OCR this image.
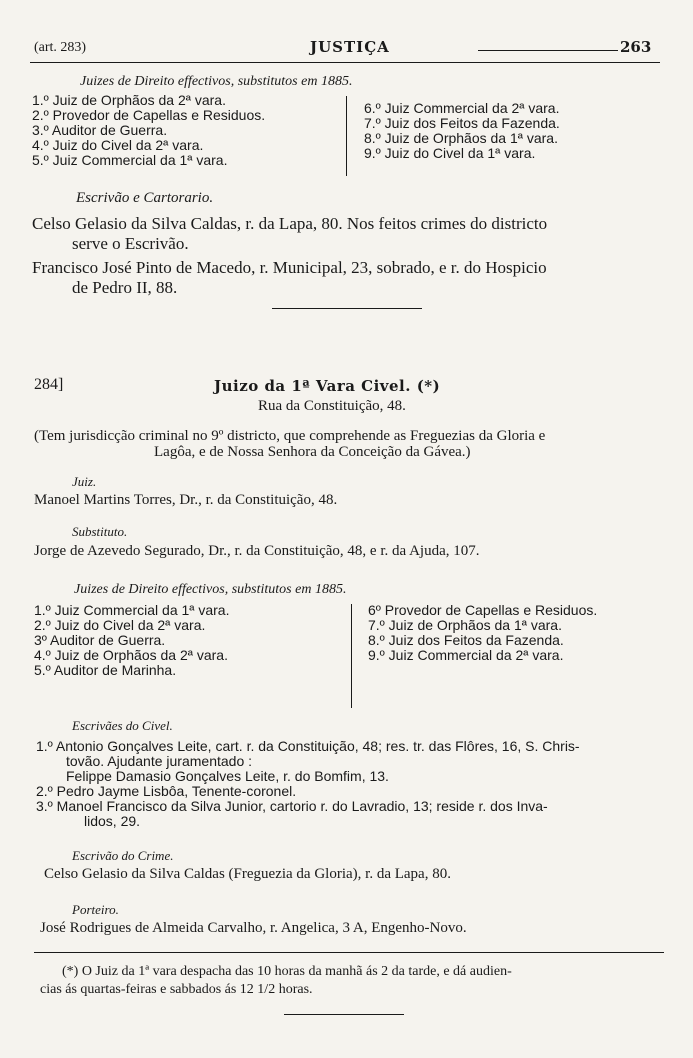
(art. 283)	JUSTIÇA	263
Juizes de Direito effectivos, substitutos em 1885.
1.º Juiz de Orphãos da 2ª vara.
2.º Provedor de Capellas e Residuos.
3.º Auditor de Guerra.
4.º Juiz do Civel da 2ª vara.
5.º Juiz Commercial da 1ª vara.
6.º Juiz Commercial da 2ª vara.
7.º Juiz dos Feitos da Fazenda.
8.º Juiz de Orphãos da 1ª vara.
9.º Juiz do Civel da 1ª vara.
Escrivão e Cartorario.
Celso Gelasio da Silva Caldas, r. da Lapa, 80. Nos feitos crimes do districto
serve o Escrivão.
Francisco José Pinto de Macedo, r. Municipal, 23, sobrado, e r. do Hospicio
de Pedro II, 88.
284]	Juizo da 1ª Vara Civel. (*)
Rua da Constituição, 48.
(Tem jurisdicção criminal no 9º districto, que comprehende as Freguezias da Gloria e
Lagôa, e de Nossa Senhora da Conceição da Gávea.)
Juiz.
Manoel Martins Torres, Dr., r. da Constituição, 48.
Substituto.
Jorge de Azevedo Segurado, Dr., r. da Constituição, 48, e r. da Ajuda, 107.
Juizes de Direito effectivos, substitutos em 1885.
1.º Juiz Commercial da 1ª vara.
2.º Juiz do Civel da 2ª vara.
3º Auditor de Guerra.
4.º Juiz de Orphãos da 2ª vara.
5.º Auditor de Marinha.
6º Provedor de Capellas e Residuos.
7.º Juiz de Orphãos da 1ª vara.
8.º Juiz dos Feitos da Fazenda.
9.º Juiz Commercial da 2ª vara.
Escrivães do Civel.
1.º Antonio Gonçalves Leite, cart. r. da Constituição, 48; res. tr. das Flôres, 16, S. Chris-
tovão. Ajudante juramentado :
Felippe Damasio Gonçalves Leite, r. do Bomfim, 13.
2.º Pedro Jayme Lisbôa, Tenente-coronel.
3.º Manoel Francisco da Silva Junior, cartorio r. do Lavradio, 13; reside r. dos Inva-
lidos, 29.
Escrivão do Crime.
Celso Gelasio da Silva Caldas (Freguezia da Gloria), r. da Lapa, 80.
Porteiro.
José Rodrigues de Almeida Carvalho, r. Angelica, 3 A, Engenho-Novo.
(*) O Juiz da 1ª vara despacha das 10 horas da manhã ás 2 da tarde, e dá audien-
cias ás quartas-feiras e sabbados ás 12 1/2 horas.
